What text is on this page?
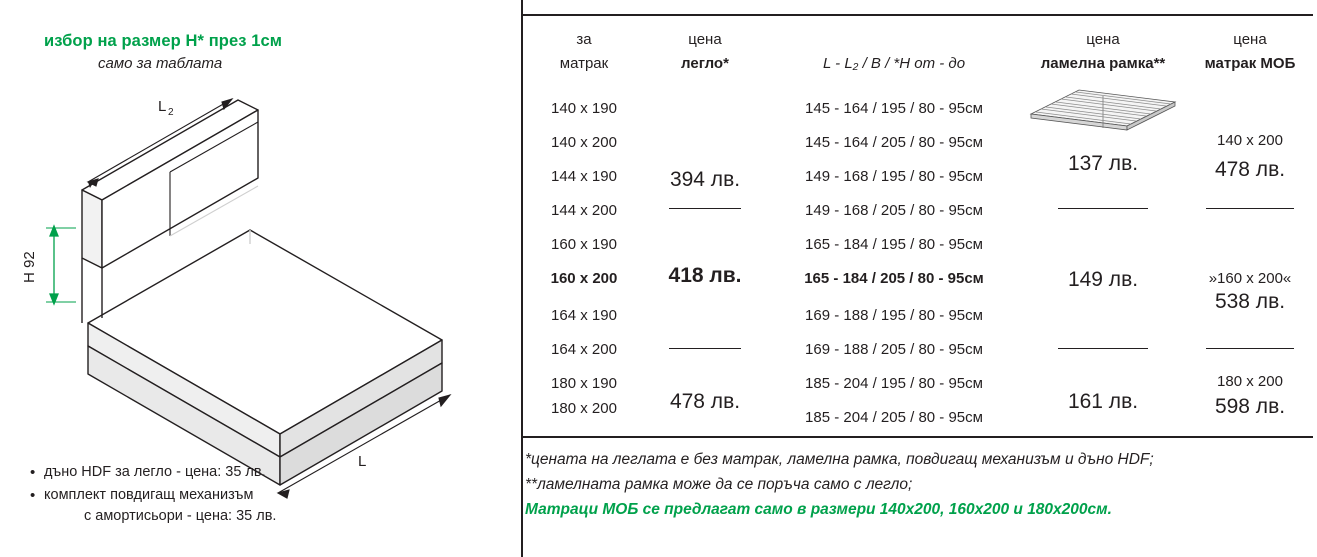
избор на размер H* през 1см
само за таблата
L 2
L
H 92
• дъно HDF за легло - цена: 35 лв.
• комплект повдигащ механизъм
с амортисьори - цена: 35 лв.
за
матрак
цена
легло*	L - L₂ / B / *H от - до
цена
ламелна рамка**
цена
матрак МОБ
140 x 190
140 x 200
144 x 190
144 x 200
160 x 190
160 x 200
164 x 190
164 x 200
180 x 190
180 x 200
145 - 164 / 195 / 80 - 95см
145 - 164 / 205 / 80 - 95см
149 - 168 / 195 / 80 - 95см
149 - 168 / 205 / 80 - 95см
165 - 184 / 195 / 80 - 95см
165 - 184 / 205 / 80 - 95см
169 - 188 / 195 / 80 - 95см
169 - 188 / 205 / 80 - 95см
185 - 204 / 195 / 80 - 95см
185 - 204 / 205 / 80 - 95см
394 лв.
418 лв.
478 лв.
137 лв.
149 лв.
161 лв.
140 x 200
478 лв.
»160 x 200«
538 лв.
180 x 200
598 лв.
*цената на леглата е без матрак, ламелна рамка, повдигащ механизъм и дъно HDF;
**ламелната рамка може да се поръча само с легло;
Матраци МОБ се предлагат само в размери 140x200, 160x200 и 180x200см.
